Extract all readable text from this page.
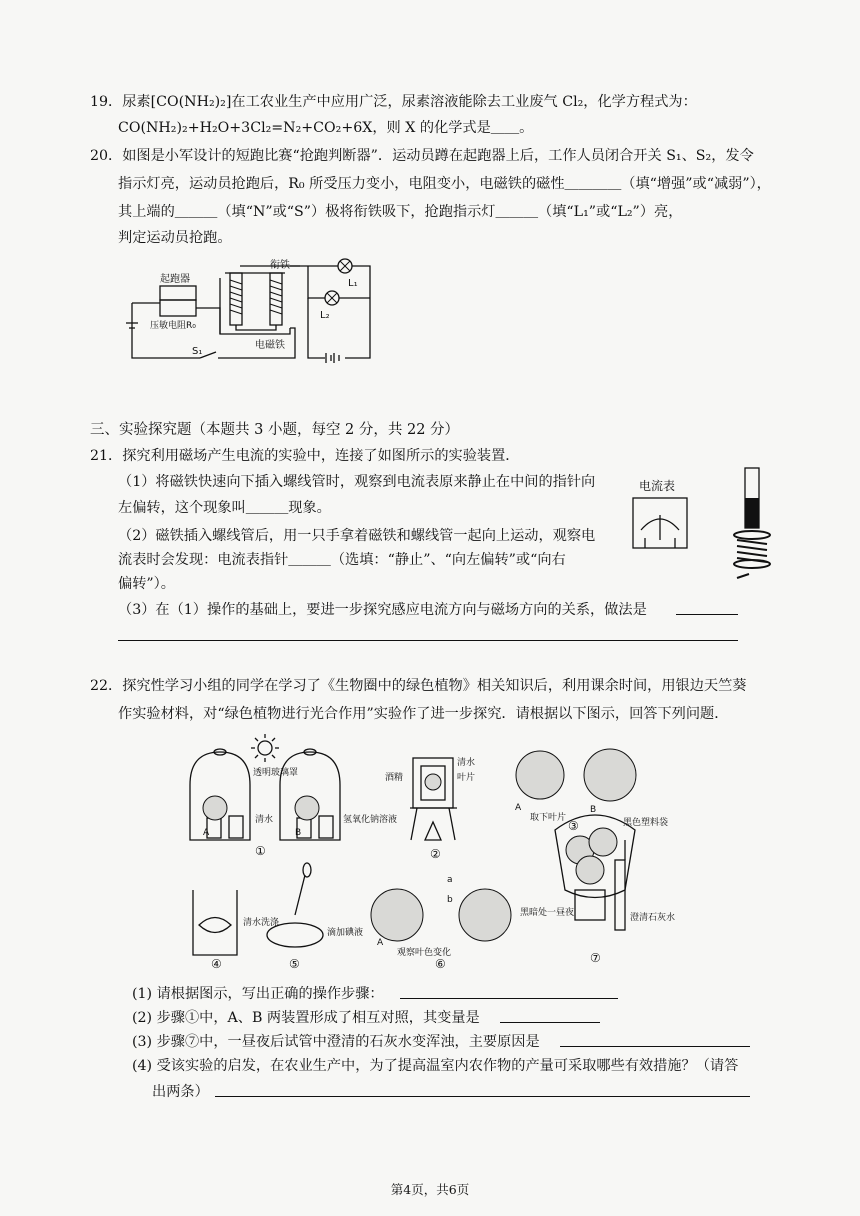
19．尿素[CO(NH₂)₂]在工农业生产中应用广泛，尿素溶液能除去工业废气 Cl₂，化学方程式为：
CO(NH₂)₂+H₂O+3Cl₂=N₂+CO₂+6X，则 X 的化学式是＿＿。
20．如图是小军设计的短跑比赛“抢跑判断器”．运动员蹲在起跑器上后，工作人员闭合开关 S₁、S₂，发令
指示灯亮，运动员抢跑后，R₀ 所受压力变小，电阻变小，电磁铁的磁性＿＿＿＿（填“增强”或“减弱”），
其上端的＿＿＿（填“N”或“S”）极将衔铁吸下，抢跑指示灯＿＿＿（填“L₁”或“L₂”）亮，
判定运动员抢跑。
起跑器
压敏电阻R₀
衔铁
电磁铁
S₁
L₁
L₂
三、实验探究题（本题共 3 小题，每空 2 分，共 22 分）
21．探究利用磁场产生电流的实验中，连接了如图所示的实验装置．
（1）将磁铁快速向下插入螺线管时，观察到电流表原来静止在中间的指针向
左偏转，这个现象叫＿＿＿现象。
（2）磁铁插入螺线管后，用一只手拿着磁铁和螺线管一起向上运动，观察电
流表时会发现：电流表指针＿＿＿（选填：“静止”、“向左偏转”或“向右
偏转”）。
（3）在（1）操作的基础上，要进一步探究感应电流方向与磁场方向的关系，做法是
电流表
22．探究性学习小组的同学在学习了《生物圈中的绿色植物》相关知识后，利用课余时间，用银边天竺葵
作实验材料，对“绿色植物进行光合作用”实验作了进一步探究．请根据以下图示，回答下列问题．
透明玻璃罩
清水	氢氧化钠溶液
酒精
清水
叶片
取下叶片	黑色塑料袋
清水洗涤
滴加碘液
观察叶色变化
黑暗处一昼夜	澄清石灰水
A	B
A	B
A
a
b
①	②
③
④	⑤	⑥	⑦
(1) 请根据图示，写出正确的操作步骤：
(2) 步骤①中，A、B 两装置形成了相互对照，其变量是
(3) 步骤⑦中，一昼夜后试管中澄清的石灰水变浑浊，主要原因是
(4) 受该实验的启发，在农业生产中，为了提高温室内农作物的产量可采取哪些有效措施？（请答
出两条）
第4页，共6页
